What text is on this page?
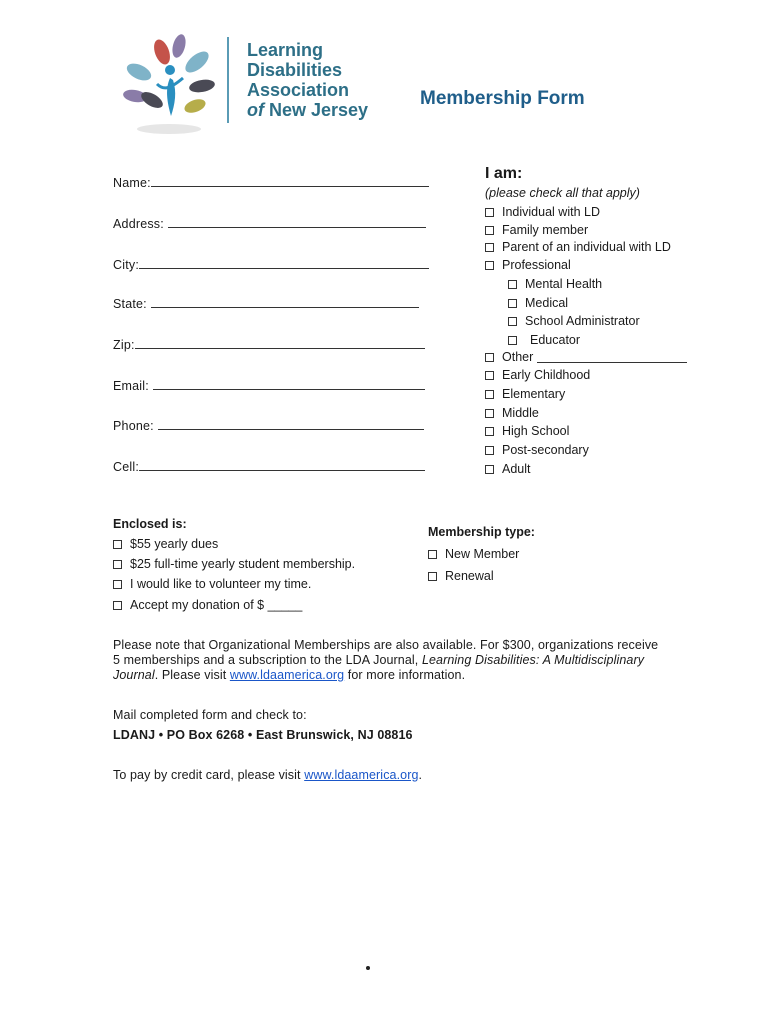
Learning
Disabilities
Association
of New Jersey
Membership Form
Name:
Address:
City:
State:
Zip:
Email:
Phone:
Cell:
I am:
(please check all that apply)
Individual with LD
Family member
Parent of an individual with LD
Professional
Mental Health
Medical
School Administrator
Educator
Other
Early Childhood
Elementary
Middle
High School
Post-secondary
Adult
Enclosed is:
$55 yearly dues
$25 full-time yearly student membership.
I would like to volunteer my time.
Accept my donation of $ _____
Membership type:
New Member
Renewal
Please note that Organizational Memberships are also available. For $300, organizations receive
5 memberships and a subscription to the LDA Journal, Learning Disabilities: A Multidisciplinary
Journal. Please visit www.ldaamerica.org for more information.
Mail completed form and check to:
LDANJ • PO Box 6268 • East Brunswick, NJ 08816
To pay by credit card, please visit www.ldaamerica.org.
